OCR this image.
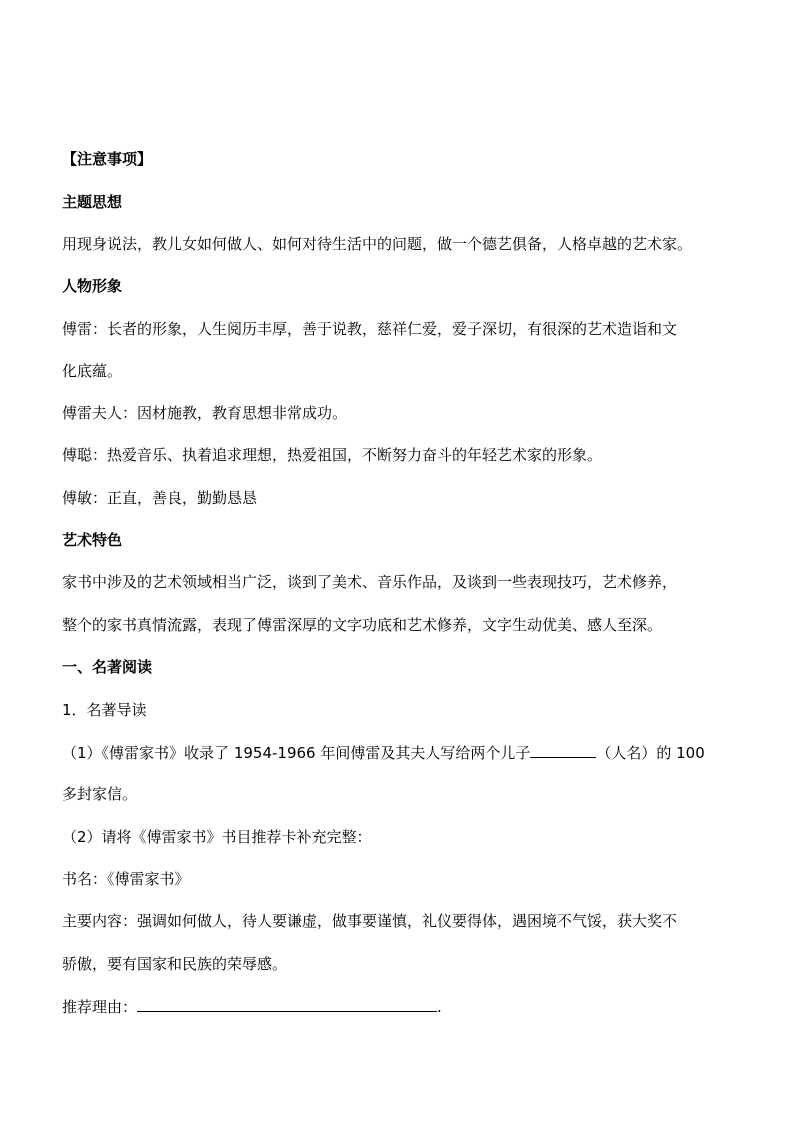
【注意事项】
主题思想
用现身说法，教儿女如何做人、如何对待生活中的问题，做一个德艺俱备，人格卓越的艺术家。
人物形象
傅雷：长者的形象，人生阅历丰厚，善于说教，慈祥仁爱，爱子深切，有很深的艺术造诣和文
化底蕴。
傅雷夫人：因材施教，教育思想非常成功。
傅聪：热爱音乐、执着追求理想，热爱祖国，不断努力奋斗的年轻艺术家的形象。
傅敏：正直，善良，勤勤恳恳
艺术特色
家书中涉及的艺术领域相当广泛，谈到了美术、音乐作品，及谈到一些表现技巧，艺术修养，
整个的家书真情流露，表现了傅雷深厚的文字功底和艺术修养，文字生动优美、感人至深。
一、名著阅读
1．名著导读
（1）《傅雷家书》收录了 1954-1966 年间傅雷及其夫人写给两个儿子	（人名）的 100
多封家信。
（2）请将《傅雷家书》书目推荐卡补充完整：
书名：《傅雷家书》
主要内容：强调如何做人，待人要谦虚，做事要谨慎，礼仪要得体，遇困境不气馁，获大奖不
骄傲，要有国家和民族的荣辱感。
推荐理由：	.
